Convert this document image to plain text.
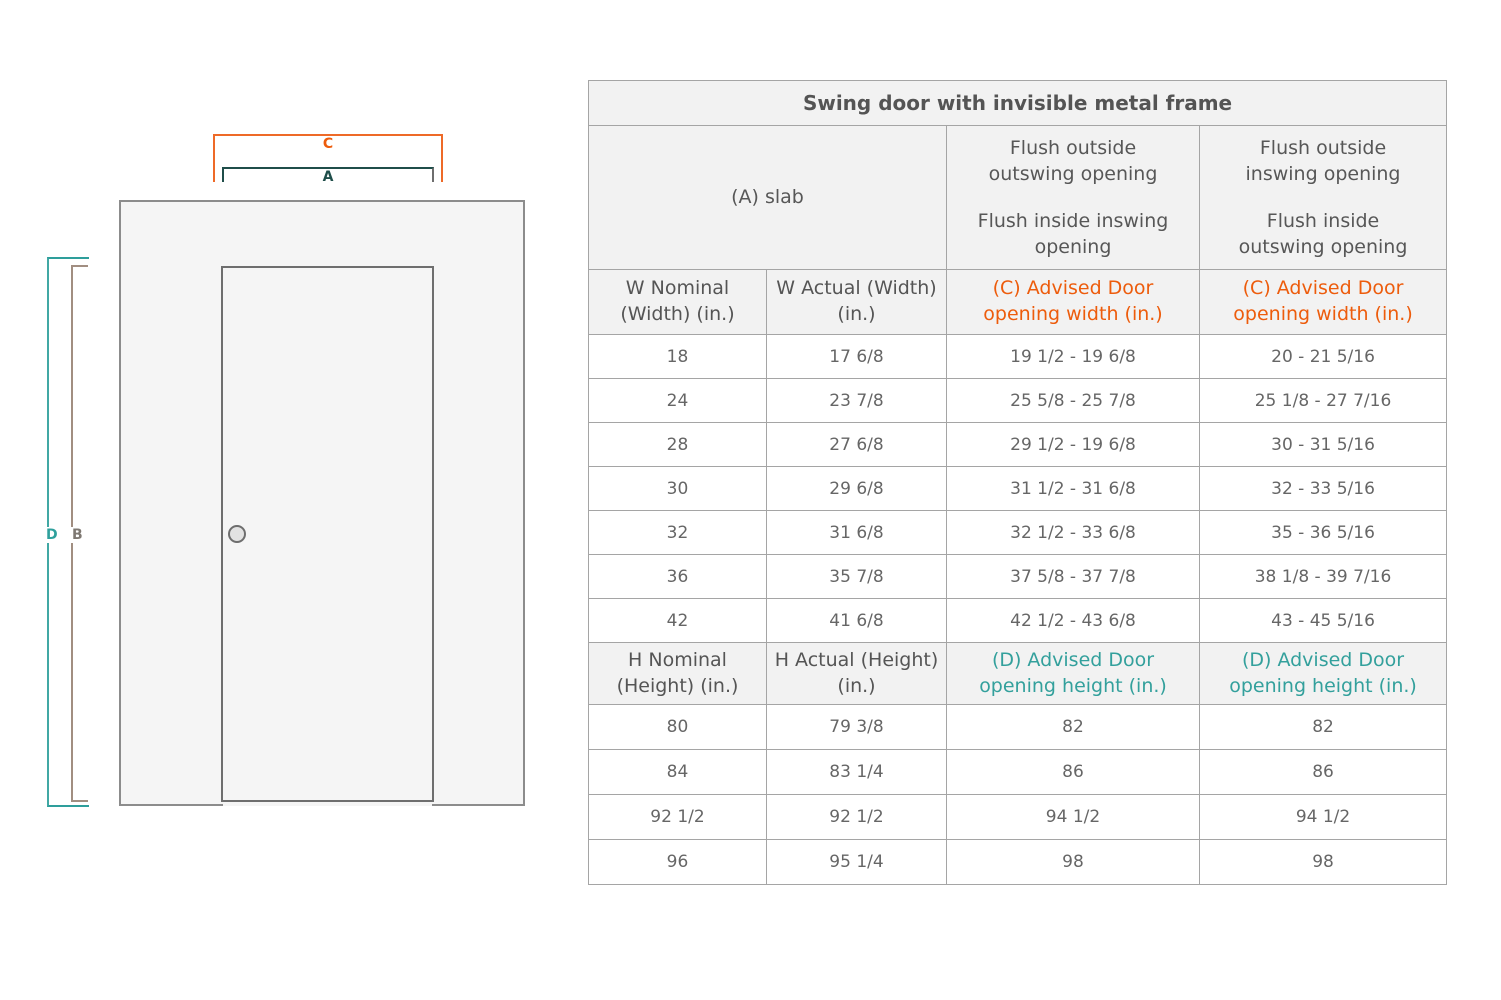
C
A
D B
Swing door with invisible metal frame			
(A) slab	
Flush outside outswing opening
Flush inside inswing opening

Flush outside inswing opening
Flush inside outswing opening

W Nominal (Width) (in.)	W Actual (Width) (in.)	(C) Advised Door opening width (in.)	(C) Advised Door opening width (in.)
18	17 6/8	19 1/2 - 19 6/8	20 - 21 5/16
24	23 7/8	25 5/8 - 25 7/8	25 1/8 - 27 7/16
28	27 6/8	29 1/2 - 19 6/8	30 - 31 5/16
30	29 6/8	31 1/2 - 31 6/8	32 - 33 5/16
32	31 6/8	32 1/2 - 33 6/8	35 - 36 5/16
36	35 7/8	37 5/8 - 37 7/8	38 1/8 - 39 7/16
42	41 6/8	42 1/2 - 43 6/8	43 - 45 5/16
H Nominal (Height) (in.)	H Actual (Height) (in.)	(D) Advised Door opening height (in.)	(D) Advised Door opening height (in.)
80	79 3/8	82	82
84	83 1/4	86	86
92 1/2	92 1/2	94 1/2	94 1/2
96	95 1/4	98	98
